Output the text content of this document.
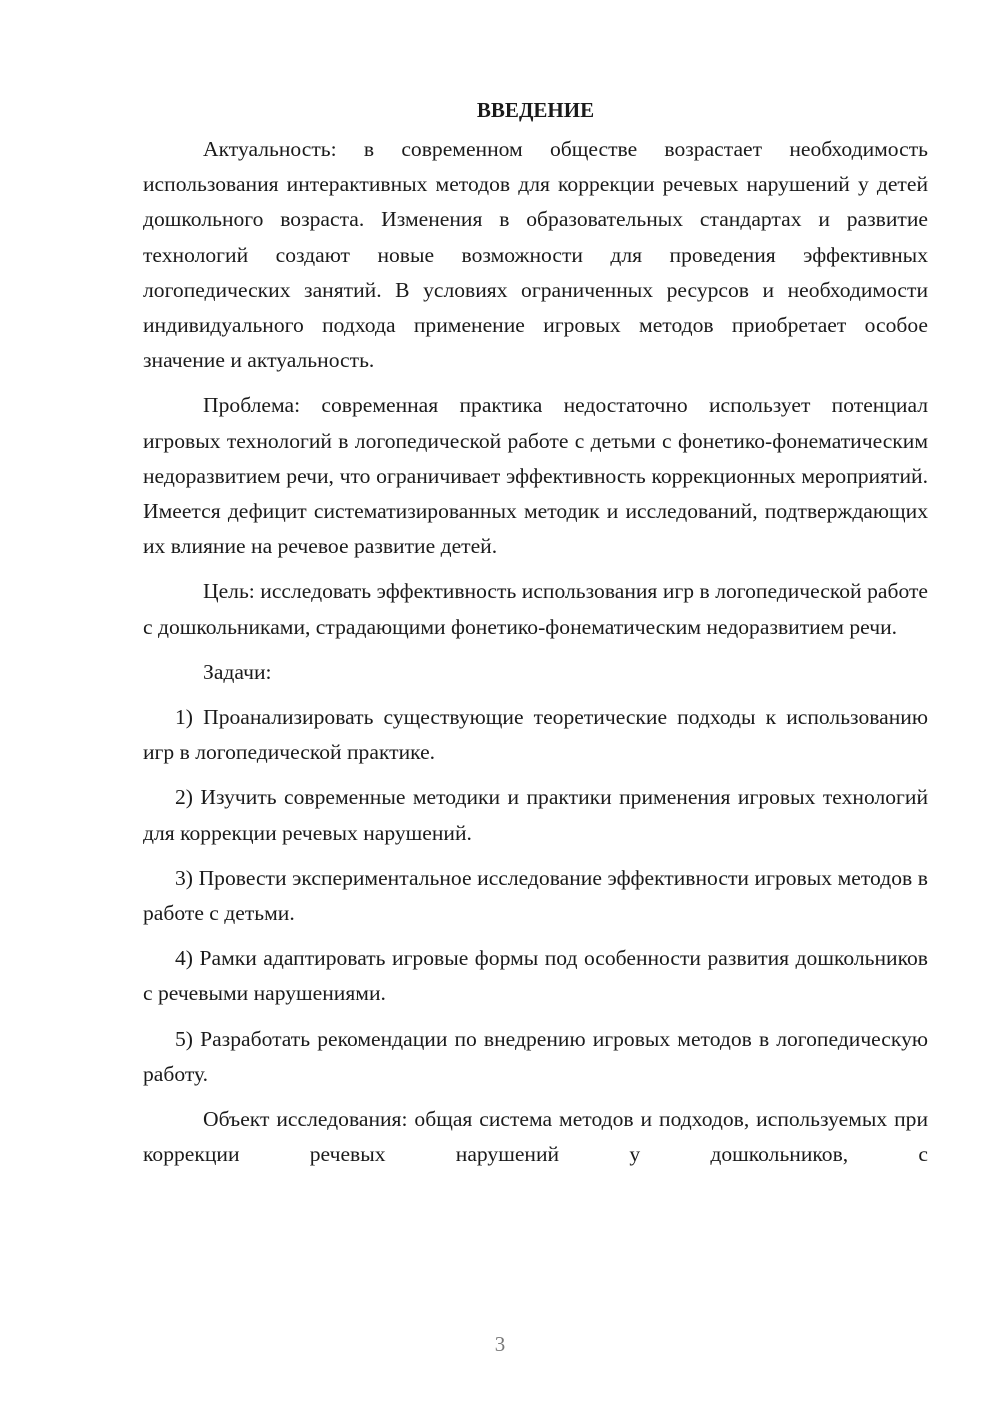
ВВЕДЕНИЕ

Актуальность: в современном обществе возрастает необходимость использования интерактивных методов для коррекции речевых нарушений у детей дошкольного возраста. Изменения в образовательных стандартах и развитие технологий создают новые возможности для проведения эффективных логопедических занятий. В условиях ограниченных ресурсов и необходимости индивидуального подхода применение игровых методов приобретает особое значение и актуальность.

Проблема: современная практика недостаточно использует потенциал игровых технологий в логопедической работе с детьми с фонетико-фонематическим недоразвитием речи, что ограничивает эффективность коррекционных мероприятий. Имеется дефицит систематизированных методик и исследований, подтверждающих их влияние на речевое развитие детей.

Цель: исследовать эффективность использования игр в логопедической работе с дошкольниками, страдающими фонетико-фонематическим недоразвитием речи.

Задачи:

1) Проанализировать существующие теоретические подходы к использованию игр в логопедической практике.

2) Изучить современные методики и практики применения игровых технологий для коррекции речевых нарушений.

3) Провести экспериментальное исследование эффективности игровых методов в работе с детьми.

4) Рамки адаптировать игровые формы под особенности развития дошкольников с речевыми нарушениями.

5) Разработать рекомендации по внедрению игровых методов в логопедическую работу.

Объект исследования: общая система методов и подходов, используемых при коррекции речевых нарушений у дошкольников, с

3
